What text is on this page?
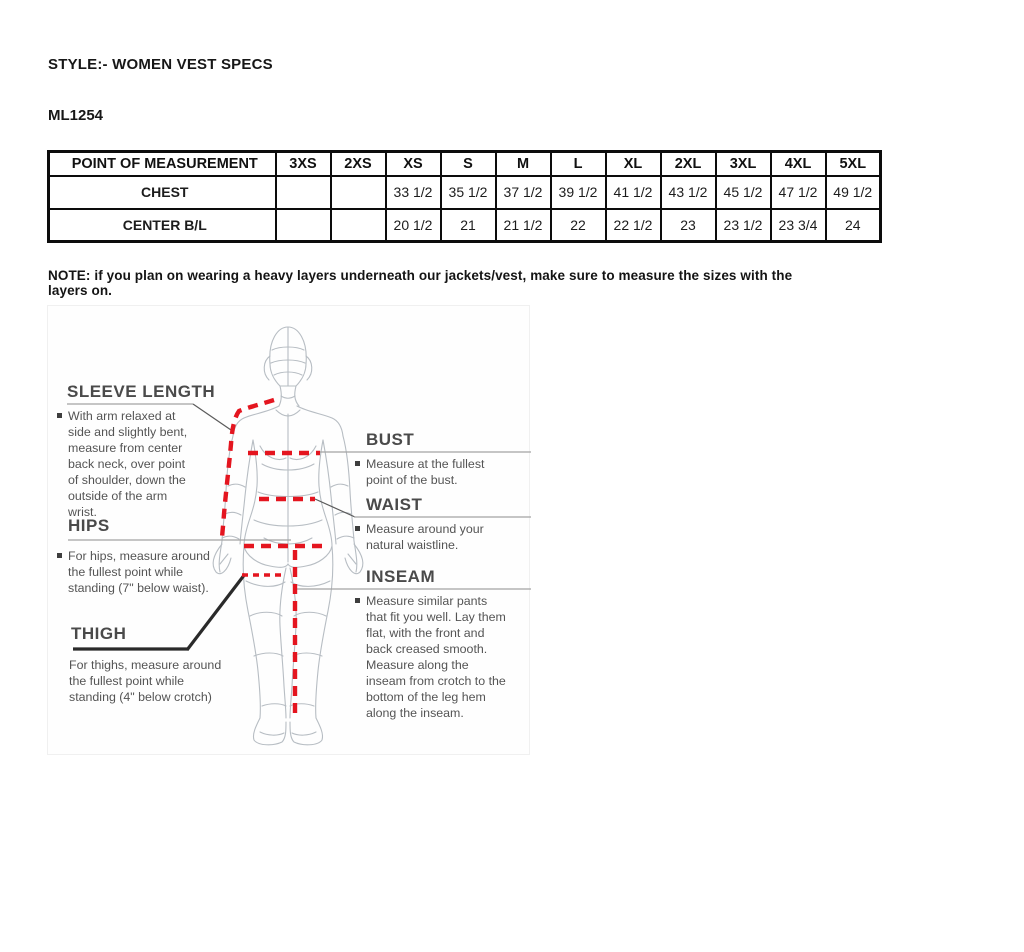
STYLE:- WOMEN VEST SPECS
ML1254
POINT OF MEASUREMENT	3XS	2XS	XS	S	M	L	XL	2XL	3XL	4XL	5XL
CHEST			33 1/2	35 1/2	37 1/2	39 1/2	41 1/2	43 1/2	45 1/2	47 1/2	49 1/2
CENTER B/L			20 1/2	21	21 1/2	22	22 1/2	23	23 1/2	23 3/4	24
NOTE: if you plan on wearing a heavy layers underneath our jackets/vest, make sure to measure the sizes with the layers on.
SLEEVE LENGTH
With arm relaxed at side and slightly bent, measure from center back neck, over point of shoulder, down the outside of the arm wrist.
HIPS
For hips, measure around the fullest point while standing (7" below waist).
THIGH
For thighs, measure around the fullest point while standing (4" below crotch)
BUST
Measure at the fullest point of the bust.
WAIST
Measure around your natural waistline.
INSEAM
Measure similar pants that fit you well. Lay them flat, with the front and back creased smooth. Measure along the inseam from crotch to the bottom of the leg hem along the inseam.
